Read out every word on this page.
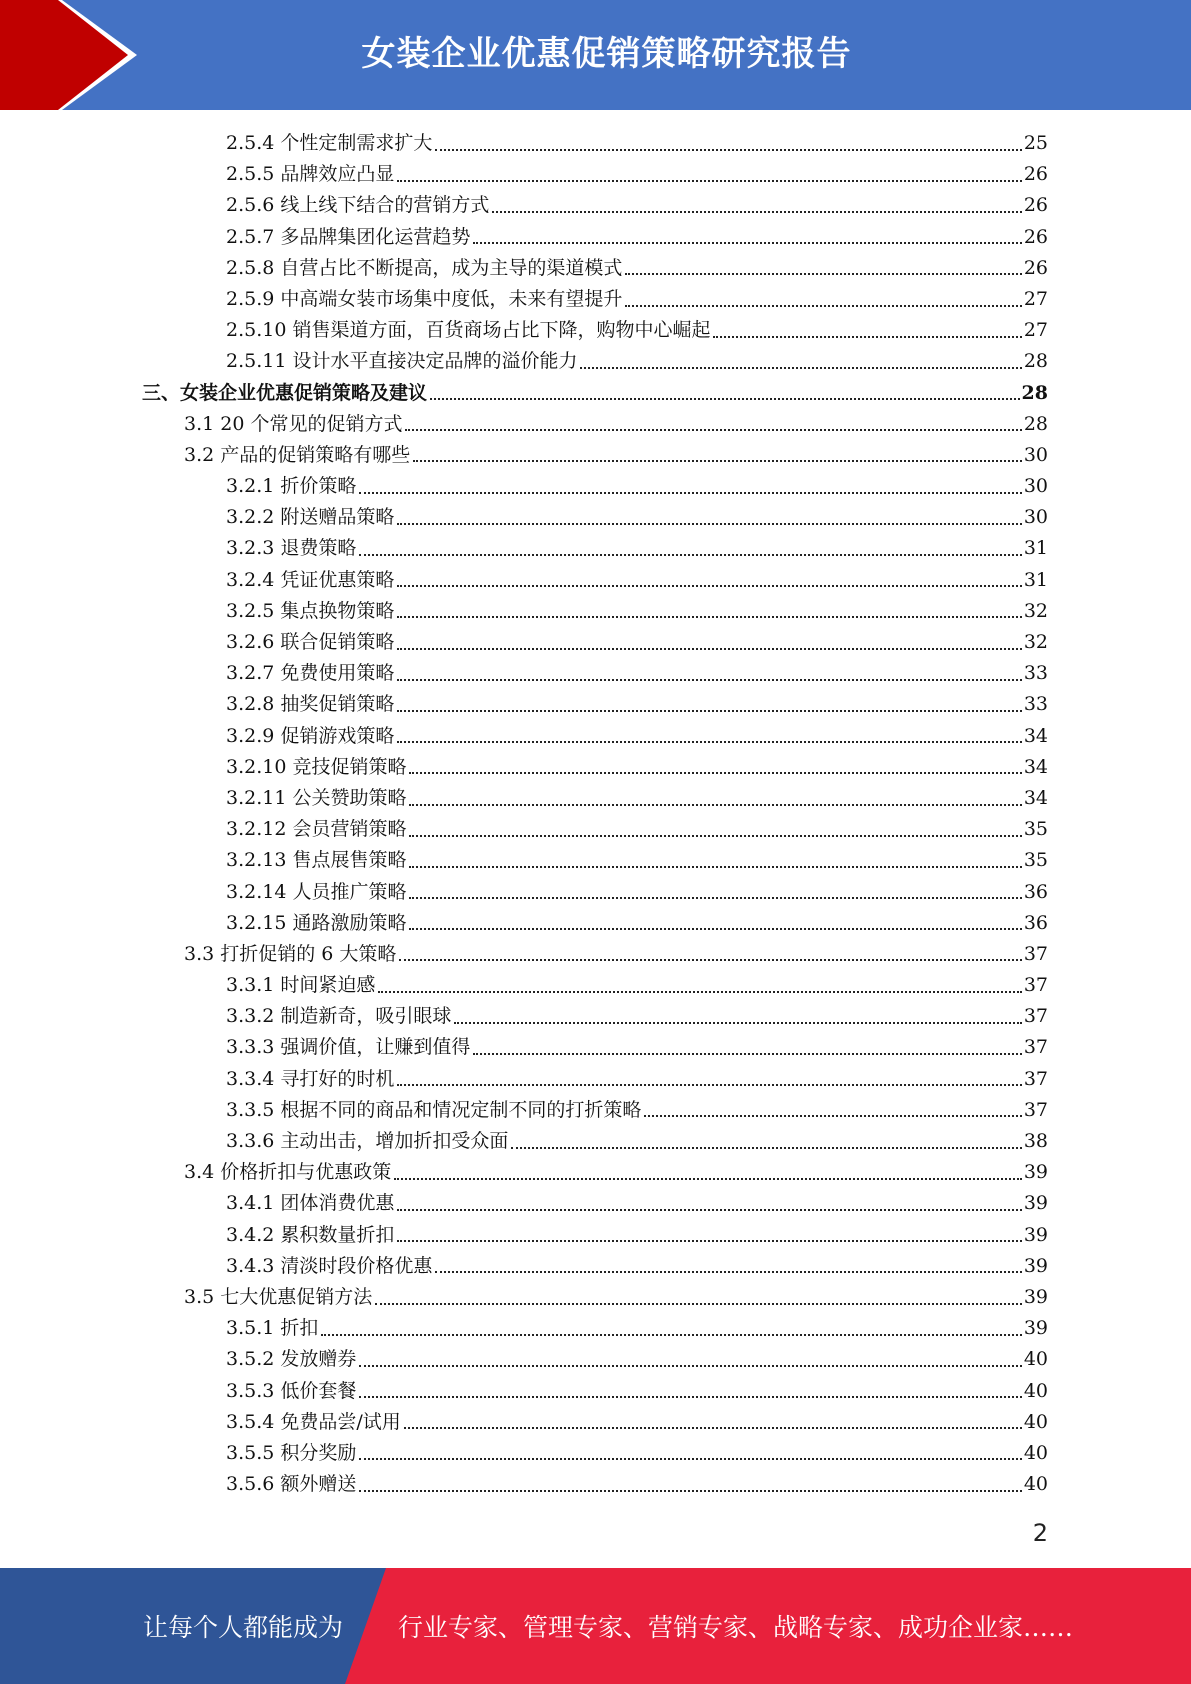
女装企业优惠促销策略研究报告
2.5.4 个性定制需求扩大	25
2.5.5 品牌效应凸显	26
2.5.6 线上线下结合的营销方式	26
2.5.7 多品牌集团化运营趋势	26
2.5.8 自营占比不断提高，成为主导的渠道模式	26
2.5.9 中高端女装市场集中度低，未来有望提升	27
2.5.10 销售渠道方面，百货商场占比下降，购物中心崛起	27
2.5.11 设计水平直接决定品牌的溢价能力	28
三、女装企业优惠促销策略及建议	28
3.1 20 个常见的促销方式	28
3.2 产品的促销策略有哪些	30
3.2.1 折价策略	30
3.2.2 附送赠品策略	30
3.2.3 退费策略	31
3.2.4 凭证优惠策略	31
3.2.5 集点换物策略	32
3.2.6 联合促销策略	32
3.2.7 免费使用策略	33
3.2.8 抽奖促销策略	33
3.2.9 促销游戏策略	34
3.2.10 竞技促销策略	34
3.2.11 公关赞助策略	34
3.2.12 会员营销策略	35
3.2.13 售点展售策略	35
3.2.14 人员推广策略	36
3.2.15 通路激励策略	36
3.3 打折促销的 6 大策略	37
3.3.1 时间紧迫感	37
3.3.2 制造新奇，吸引眼球	37
3.3.3 强调价值，让赚到值得	37
3.3.4 寻打好的时机	37
3.3.5 根据不同的商品和情况定制不同的打折策略	37
3.3.6 主动出击，增加折扣受众面	38
3.4 价格折扣与优惠政策	39
3.4.1 团体消费优惠	39
3.4.2 累积数量折扣	39
3.4.3 清淡时段价格优惠	39
3.5 七大优惠促销方法	39
3.5.1 折扣	39
3.5.2 发放赠券	40
3.5.3 低价套餐	40
3.5.4 免费品尝/试用	40
3.5.5 积分奖励	40
3.5.6 额外赠送	40
2
让每个人都能成为 行业专家、管理专家、营销专家、战略专家、成功企业家……
